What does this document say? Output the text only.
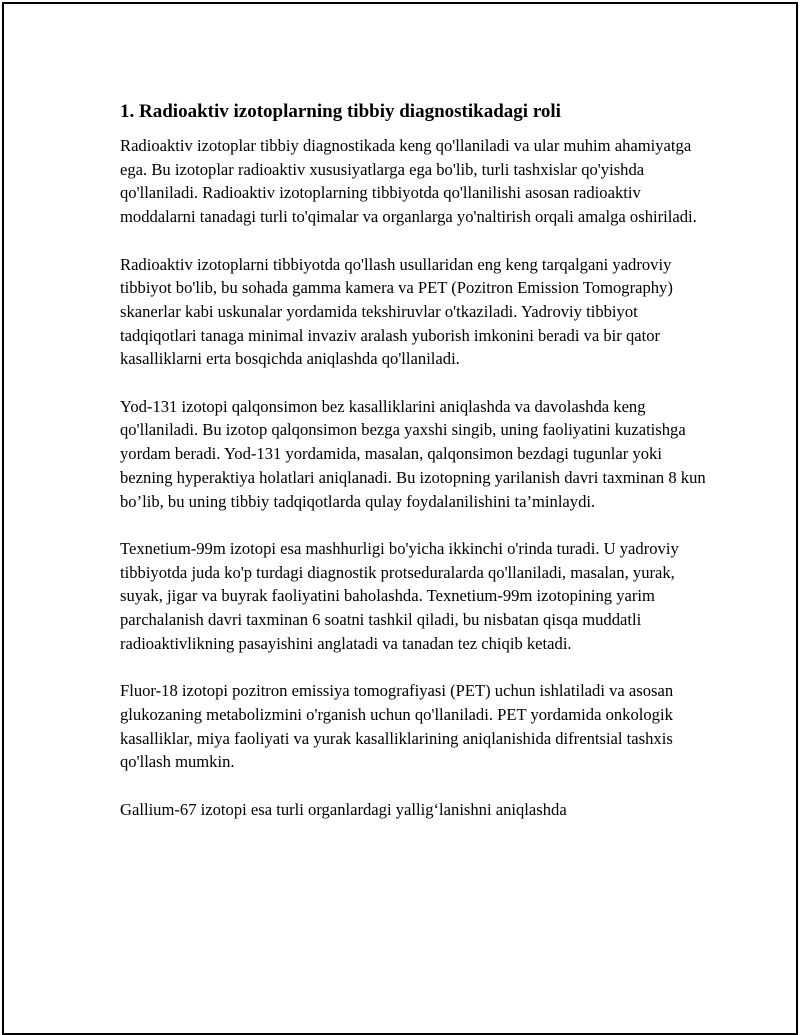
1. Radioaktiv izotoplarning tibbiy diagnostikadagi roli

Radioaktiv izotoplar tibbiy diagnostikada keng qo'llaniladi va ular muhim ahamiyatga ega. Bu izotoplar radioaktiv xususiyatlarga ega bo'lib, turli tashxislar qo'yishda qo'llaniladi. Radioaktiv izotoplarning tibbiyotda qo'llanilishi asosan radioaktiv moddalarni tanadagi turli to'qimalar va organlarga yo'naltirish orqali amalga oshiriladi.

Radioaktiv izotoplarni tibbiyotda qo'llash usullaridan eng keng tarqalgani yadroviy tibbiyot bo'lib, bu sohada gamma kamera va PET (Pozitron Emission Tomography) skanerlar kabi uskunalar yordamida tekshiruvlar o'tkaziladi. Yadroviy tibbiyot tadqiqotlari tanaga minimal invaziv aralash yuborish imkonini beradi va bir qator kasalliklarni erta bosqichda aniqlashda qo'llaniladi.

Yod-131 izotopi qalqonsimon bez kasalliklarini aniqlashda va davolashda keng qo'llaniladi. Bu izotop qalqonsimon bezga yaxshi singib, uning faoliyatini kuzatishga yordam beradi. Yod-131 yordamida, masalan, qalqonsimon bezdagi tugunlar yoki bezning hyperaktiya holatlari aniqlanadi. Bu izotopning yarilanish davri taxminan 8 kun bo’lib, bu uning tibbiy tadqiqotlarda qulay foydalanilishini ta’minlaydi.

Texnetium-99m izotopi esa mashhurligi bo'yicha ikkinchi o'rinda turadi. U yadroviy tibbiyotda juda ko'p turdagi diagnostik protseduralarda qo'llaniladi, masalan, yurak, suyak, jigar va buyrak faoliyatini baholashda. Texnetium-99m izotopining yarim parchalanish davri taxminan 6 soatni tashkil qiladi, bu nisbatan qisqa muddatli radioaktivlikning pasayishini anglatadi va tanadan tez chiqib ketadi.

Fluor-18 izotopi pozitron emissiya tomografiyasi (PET) uchun ishlatiladi va asosan glukozaning metabolizmini o'rganish uchun qo'llaniladi. PET yordamida onkologik kasalliklar, miya faoliyati va yurak kasalliklarining aniqlanishida difrentsial tashxis qo'llash mumkin.

Gallium-67 izotopi esa turli organlardagi yallig‘lanishni aniqlashda
